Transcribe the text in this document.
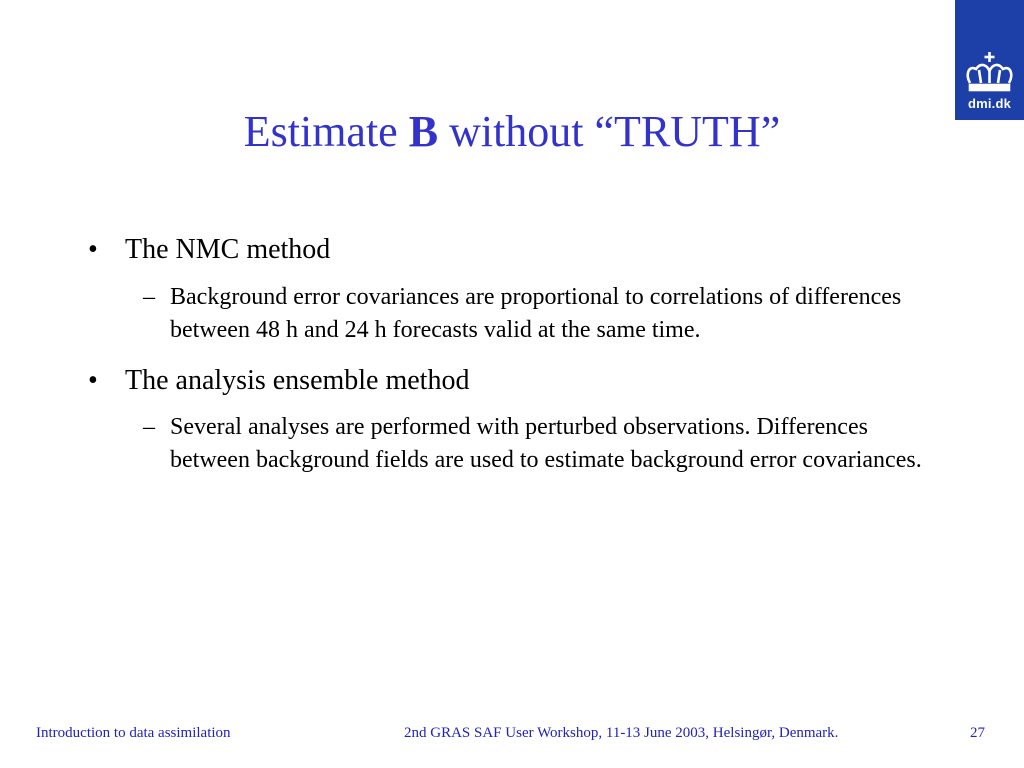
dmi.dk
Estimate B without “TRUTH”
• The NMC method
– Background error covariances are proportional to correlations of differences between 48 h and 24 h forecasts valid at the same time.
• The analysis ensemble method
– Several analyses are performed with perturbed observations. Differences between background fields are used to estimate background error covariances.
Introduction to data assimilation	2nd GRAS SAF User Workshop, 11-13 June 2003, Helsingør, Denmark.	27
